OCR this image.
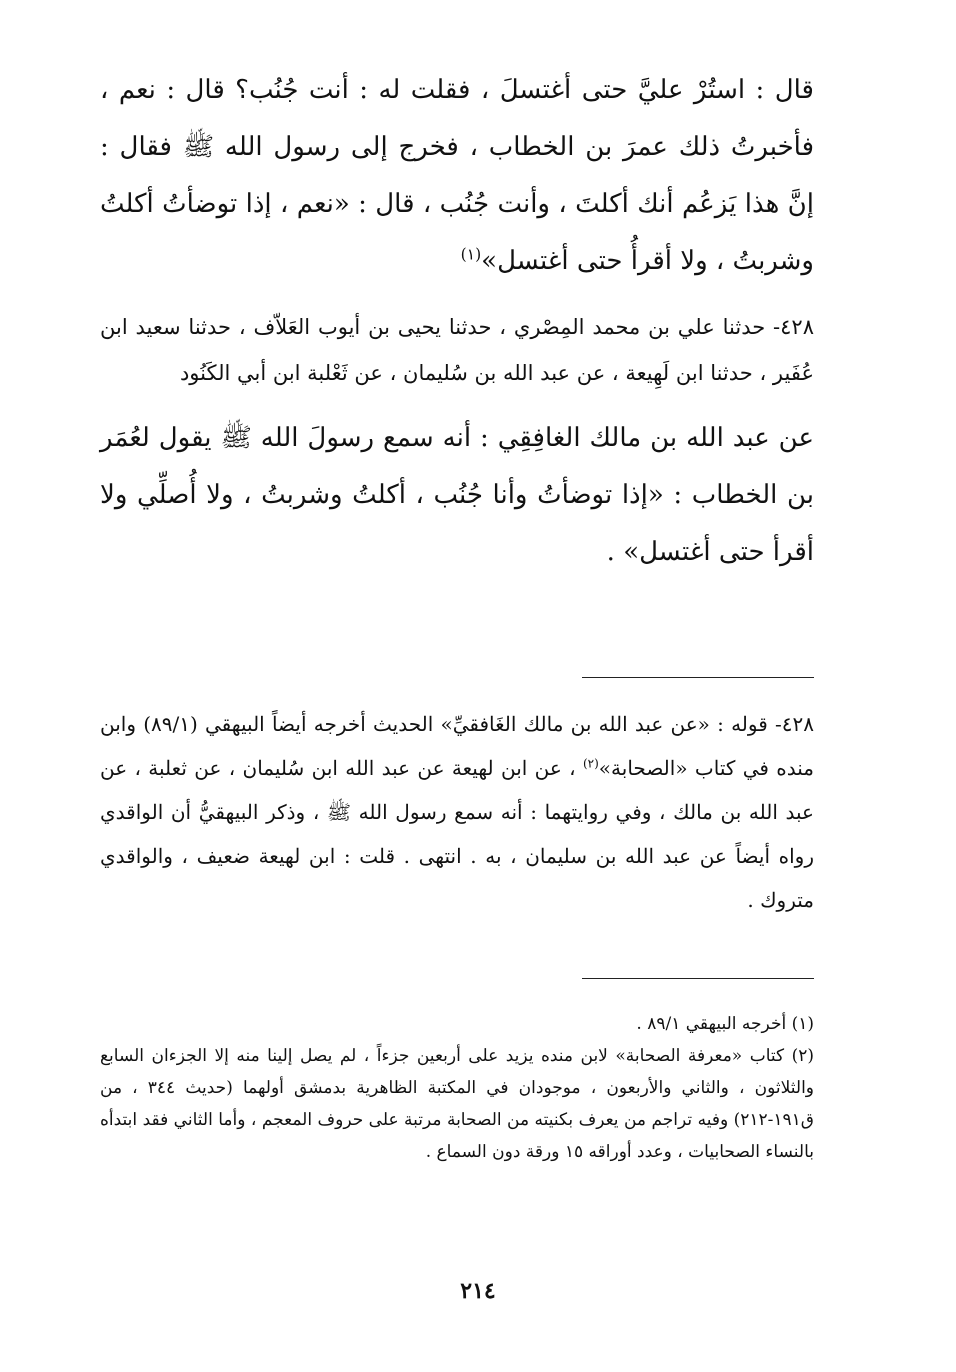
قال : استُرْ عليَّ حتى أغتسلَ ، فقلت له : أنت جُنُب؟ قال : نعم ، فأخبرتُ ذلك عمرَ بن الخطاب ، فخرج إلى رسول الله ﷺ فقال : إنَّ هذا يَزعُم أنك أكلتَ ، وأنت جُنُب ، قال : «نعم ، إذا توضأتُ أكلتُ وشربتُ ، ولا أقرأُ حتى أغتسل»$^{(١)}$

٤٢٨- حدثنا علي بن محمد المِصْري ، حدثنا يحيى بن أيوب العَلاّف ، حدثنا سعيد ابن عُفَير ، حدثنا ابن لَهِيعة ، عن عبد الله بن سُليمان ، عن ثَعْلبة ابن أبي الكَنُود

عن عبد الله بن مالك الغافِقِي : أنه سمع رسولَ الله ﷺ يقول لعُمَر بن الخطاب : «إذا توضأتُ وأنا جُنُب ، أكلتُ وشربتُ ، ولا أُصلِّي ولا أقرأ حتى أغتسل» .

٤٢٨- قوله : «عن عبد الله بن مالك الغَافقيِّ» الحديث أخرجه أيضاً البيهقي (٨٩/١) وابن منده في كتاب «الصحابة»$^{(٢)}$ ، عن ابن لهيعة عن عبد الله ابن سُليمان ، عن ثعلبة ، عن عبد الله بن مالك ، وفي روايتهما : أنه سمع رسول الله ﷺ ، وذكر البيهقيُّ أن الواقدي رواه أيضاً عن عبد الله بن سليمان ، به . انتهى . قلت : ابن لهيعة ضعيف ، والواقدي متروك .

(١) أخرجه البيهقي ٨٩/١ .

(٢) كتاب «معرفة الصحابة» لابن منده يزيد على أربعين جزءاً ، لم يصل إلينا منه إلا الجزءان السابع والثلاثون ، والثاني والأربعون ، موجودان في المكتبة الظاهرية بدمشق أولهما (حديث ٣٤٤ ، من ق١٩١-٢١٢) وفيه تراجم من يعرف بكنيته من الصحابة مرتبة على حروف المعجم ، وأما الثاني فقد ابتدأه بالنساء الصحابيات ، وعدد أوراقه ١٥ ورقة دون السماع .

٢١٤
